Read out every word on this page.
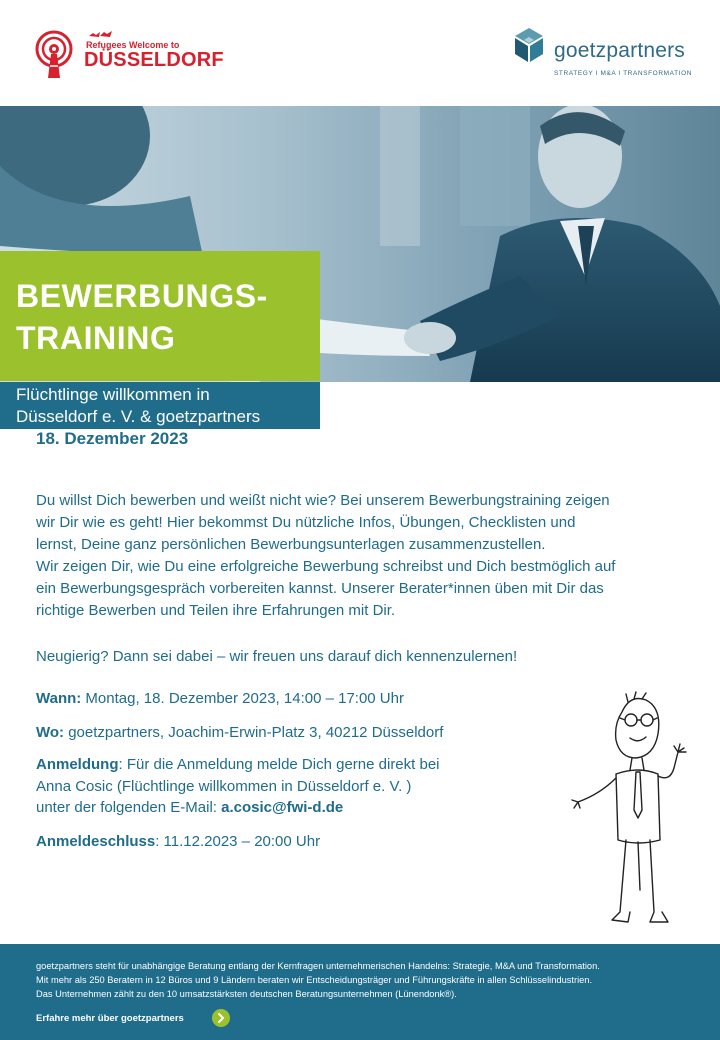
Refugees Welcome to
DÜSSELDORF	goetzpartners
STRATEGY I M&A I TRANSFORMATION
BEWERBUNGS-
TRAINING
Flüchtlinge willkommen in
Düsseldorf e. V. & goetzpartners
18. Dezember 2023
Du willst Dich bewerben und weißt nicht wie? Bei unserem Bewerbungstraining zeigen
wir Dir wie es geht! Hier bekommst Du nützliche Infos, Übungen, Checklisten und
lernst, Deine ganz persönlichen Bewerbungsunterlagen zusammenzustellen.
Wir zeigen Dir, wie Du eine erfolgreiche Bewerbung schreibst und Dich bestmöglich auf
ein Bewerbungsgespräch vorbereiten kannst. Unserer Berater*innen üben mit Dir das
richtige Bewerben und Teilen ihre Erfahrungen mit Dir.
Neugierig? Dann sei dabei – wir freuen uns darauf dich kennenzulernen!
Wann: Montag, 18. Dezember 2023, 14:00 – 17:00 Uhr
Wo: goetzpartners, Joachim-Erwin-Platz 3, 40212 Düsseldorf
Anmeldung: Für die Anmeldung melde Dich gerne direkt bei
Anna Cosic (Flüchtlinge willkommen in Düsseldorf e. V. )
unter der folgenden E-Mail: a.cosic@fwi-d.de
Anmeldeschluss: 11.12.2023 – 20:00 Uhr
goetzpartners steht für unabhängige Beratung entlang der Kernfragen unternehmerischen Handelns: Strategie, M&A und Transformation.
Mit mehr als 250 Beratern in 12 Büros und 9 Ländern beraten wir Entscheidungsträger und Führungskräfte in allen Schlüsselindustrien.
Das Unternehmen zählt zu den 10 umsatzstärksten deutschen Beratungsunternehmen (Lünendonk®).
Erfahre mehr über goetzpartners
